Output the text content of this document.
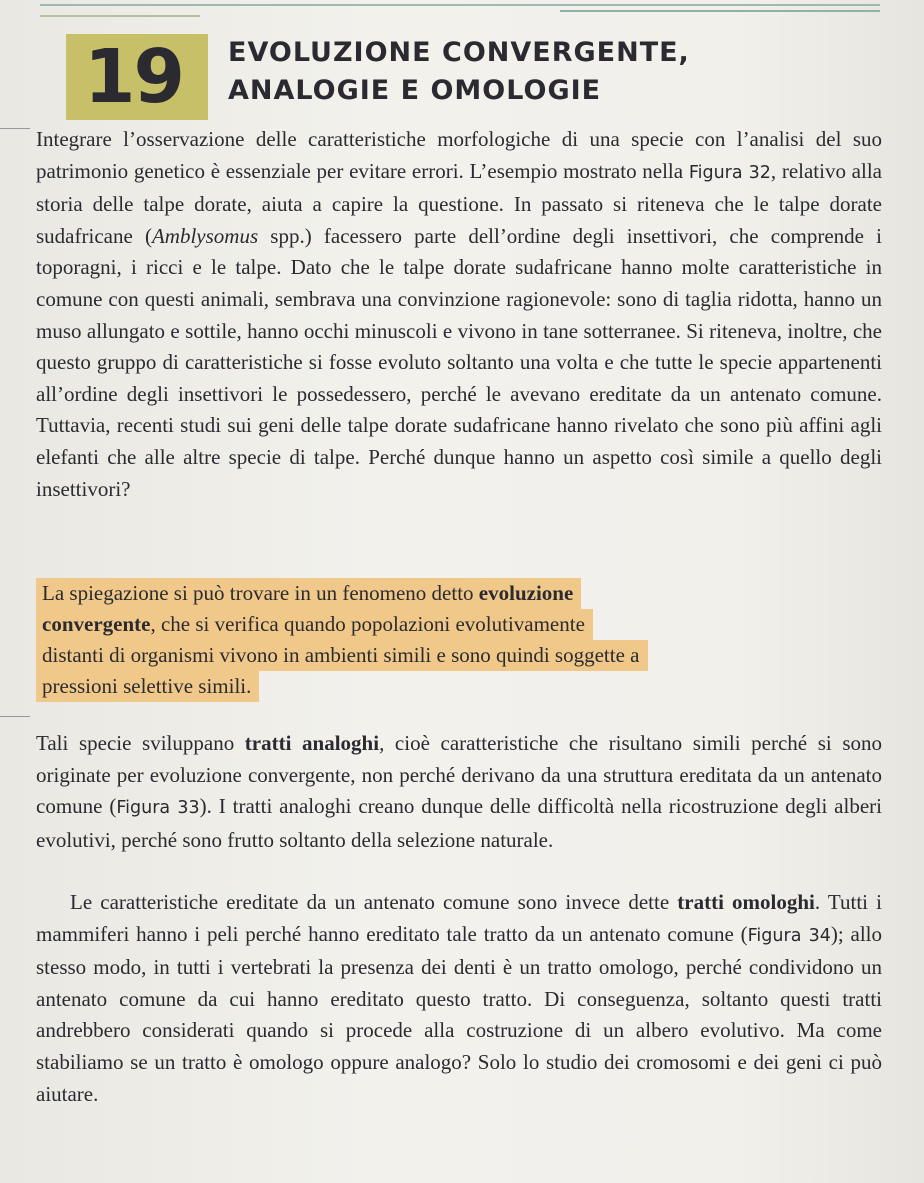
19	EVOLUZIONE CONVERGENTE,
ANALOGIE E OMOLOGIE

Integrare l’osservazione delle caratteristiche morfologiche di una specie con l’analisi del suo patrimonio genetico è essenziale per evitare errori. L’esempio mostrato nella Figura 32, relativo alla storia delle talpe dorate, aiuta a capire la questione. In passato si riteneva che le talpe dorate sudafricane (Amblysomus spp.) facessero parte dell’ordine degli insettivori, che comprende i toporagni, i ricci e le talpe. Dato che le talpe dorate sudafricane hanno molte caratteristiche in comune con questi animali, sembrava una convinzione ragionevole: sono di taglia ridotta, hanno un muso allungato e sottile, hanno occhi minuscoli e vivono in tane sotterranee. Si riteneva, inoltre, che questo gruppo di caratteristiche si fosse evoluto soltanto una volta e che tutte le specie appartenenti all’ordine degli insettivori le possedessero, perché le avevano ereditate da un antenato comune. Tuttavia, recenti studi sui geni delle talpe dorate sudafricane hanno rivelato che sono più affini agli elefanti che alle altre specie di talpe. Perché dunque hanno un aspetto così simile a quello degli insettivori?

La spiegazione si può trovare in un fenomeno detto evoluzione
convergente, che si verifica quando popolazioni evolutivamente
distanti di organismi vivono in ambienti simili e sono quindi soggette a
pressioni selettive simili.

Tali specie sviluppano tratti analoghi, cioè caratteristiche che risultano simili perché si sono originate per evoluzione convergente, non perché derivano da una struttura ereditata da un antenato comune (Figura 33). I tratti analoghi creano dunque delle difficoltà nella ricostruzione degli alberi evolutivi, perché sono frutto soltanto della selezione naturale.

Le caratteristiche ereditate da un antenato comune sono invece dette tratti omologhi. Tutti i mammiferi hanno i peli perché hanno ereditato tale tratto da un antenato comune (Figura 34); allo stesso modo, in tutti i vertebrati la presenza dei denti è un tratto omologo, perché condividono un antenato comune da cui hanno ereditato questo tratto. Di conseguenza, soltanto questi tratti andrebbero considerati quando si procede alla costruzione di un albero evolutivo. Ma come stabiliamo se un tratto è omologo oppure analogo? Solo lo studio dei cromosomi e dei geni ci può aiutare.
